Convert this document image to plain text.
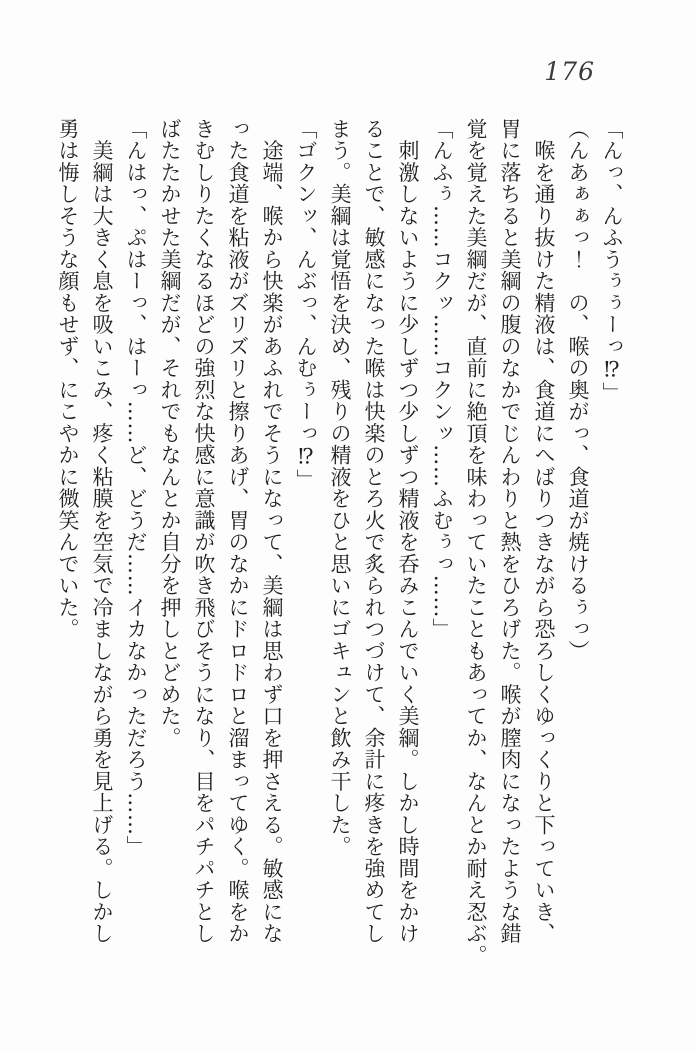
176
「んっ、んふうぅぅーっ⁉」
（んあぁぁっ！　の、喉の奥がっ、食道が焼けるぅっ）
　喉を通り抜けた精液は、食道にへばりつきながら恐ろしくゆっくりと下っていき、
胃に落ちると美綱の腹のなかでじんわりと熱をひろげた。喉が膣肉になったような錯
覚を覚えた美綱だが、直前に絶頂を味わっていたこともあってか、なんとか耐え忍ぶ。
「んふぅ……コクッ……コクンッ……ふむぅっ……」
　刺激しないように少しずつ少しずつ精液を呑みこんでいく美綱。しかし時間をかけ
ることで、敏感になった喉は快楽のとろ火で炙られつづけて、余計に疼きを強めてし
まう。美綱は覚悟を決め、残りの精液をひと思いにゴキュンと飲み干した。
「ゴクンッ、んぶっ、んむぅーっ⁉」
　途端、喉から快楽があふれでそうになって、美綱は思わず口を押さえる。敏感にな
った食道を粘液がズリズリと擦りあげ、胃のなかにドロドロと溜まってゆく。喉をか
きむしりたくなるほどの強烈な快感に意識が吹き飛びそうになり、目をパチパチとし
ばたたかせた美綱だが、それでもなんとか自分を押しとどめた。
「んはっ、ぷはーっ、はーっ……ど、どうだ……イカなかっただろう……」
　美綱は大きく息を吸いこみ、疼く粘膜を空気で冷ましながら勇を見上げる。しかし
勇は悔しそうな顔もせず、にこやかに微笑んでいた。
